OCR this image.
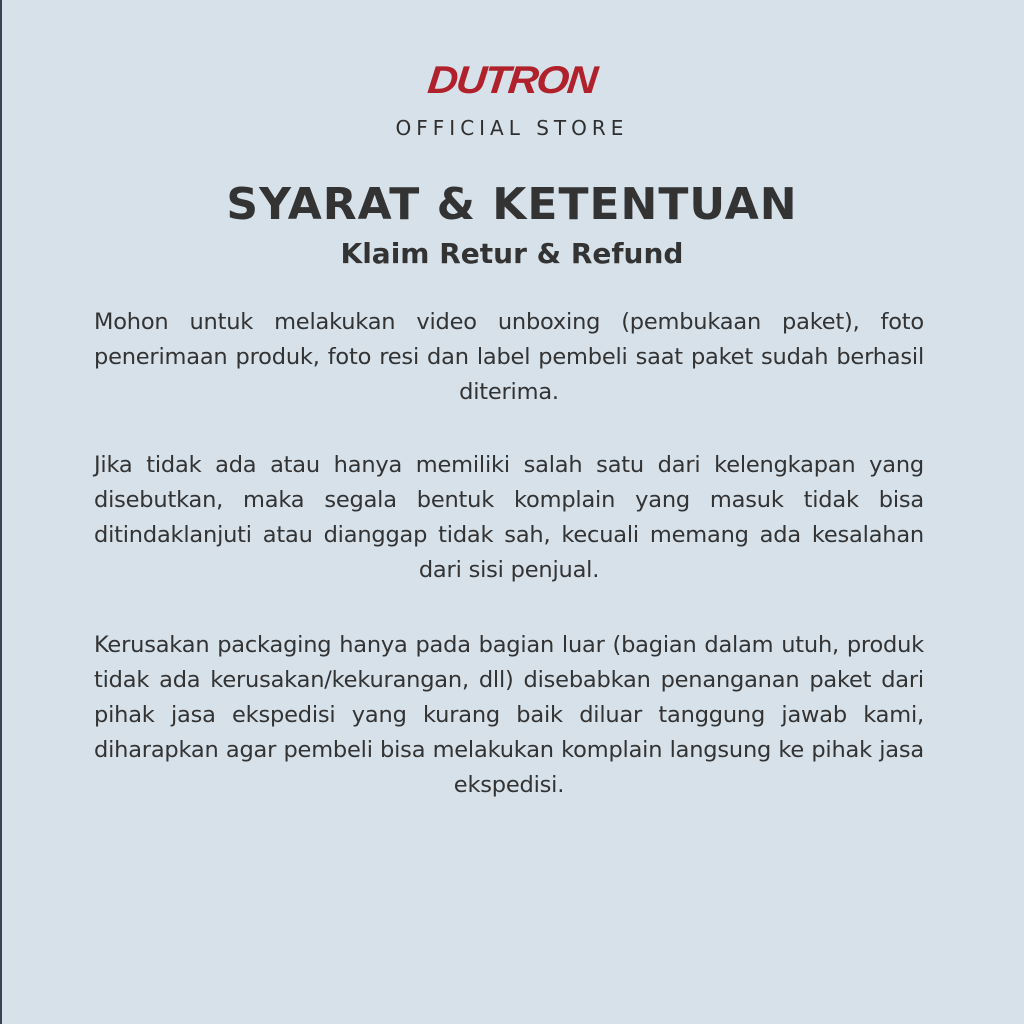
DUTRON
OFFICIAL STORE
SYARAT & KETENTUAN
Klaim Retur & Refund

Mohon untuk melakukan video unboxing (pembukaan paket), foto penerimaan produk, foto resi dan label pembeli saat paket sudah berhasil diterima.

Jika tidak ada atau hanya memiliki salah satu dari kelengkapan yang disebutkan, maka segala bentuk komplain yang masuk tidak bisa ditindaklanjuti atau dianggap tidak sah, kecuali memang ada kesalahan dari sisi penjual.

Kerusakan packaging hanya pada bagian luar (bagian dalam utuh, produk tidak ada kerusakan/kekurangan, dll) disebabkan penanganan paket dari pihak jasa ekspedisi yang kurang baik diluar tanggung jawab kami, diharapkan agar pembeli bisa melakukan komplain langsung ke pihak jasa ekspedisi.
